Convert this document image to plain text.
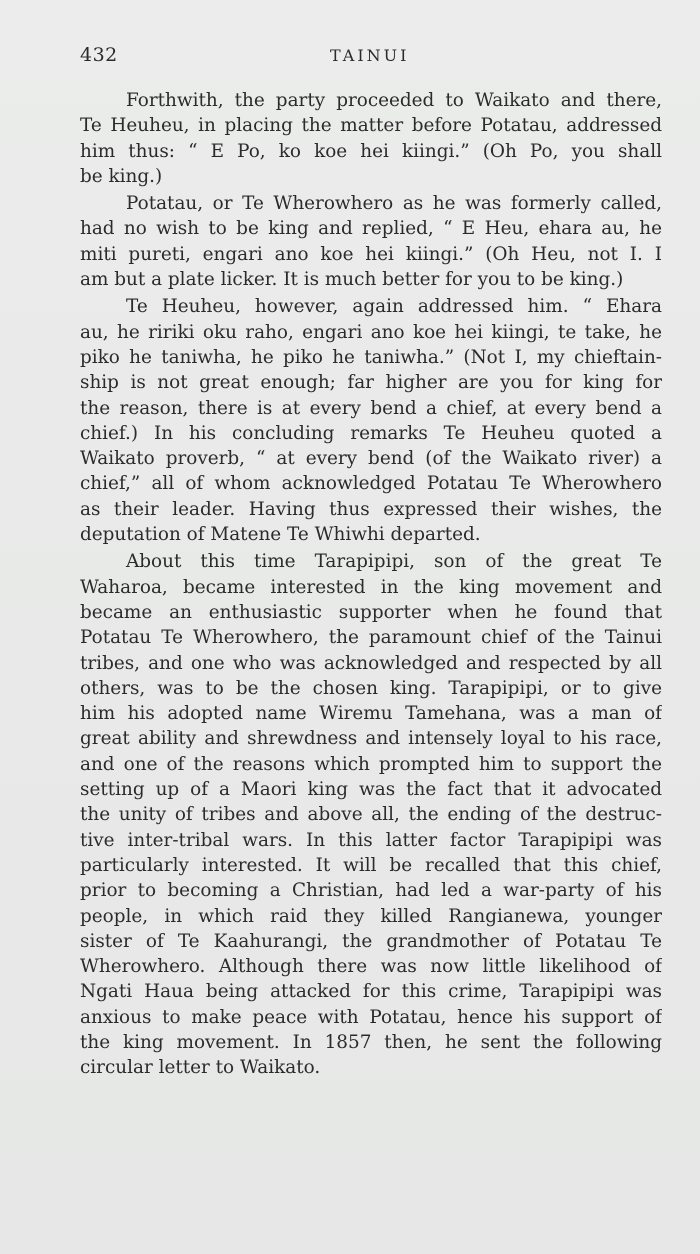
432	TAINUI
Forthwith, the party proceeded to Waikato and there,
Te Heuheu, in placing the matter before Potatau, addressed
him thus: “ E Po, ko koe hei kiingi.” (Oh Po, you shall
be king.)
Potatau, or Te Wherowhero as he was formerly called,
had no wish to be king and replied, “ E Heu, ehara au, he
miti pureti, engari ano koe hei kiingi.” (Oh Heu, not I. I
am but a plate licker. It is much better for you to be king.)
Te Heuheu, however, again addressed him. “ Ehara
au, he ririki oku raho, engari ano koe hei kiingi, te take, he
piko he taniwha, he piko he taniwha.” (Not I, my chieftain-
ship is not great enough; far higher are you for king for
the reason, there is at every bend a chief, at every bend a
chief.) In his concluding remarks Te Heuheu quoted a
Waikato proverb, “ at every bend (of the Waikato river) a
chief,” all of whom acknowledged Potatau Te Wherowhero
as their leader. Having thus expressed their wishes, the
deputation of Matene Te Whiwhi departed.
About this time Tarapipipi, son of the great Te
Waharoa, became interested in the king movement and
became an enthusiastic supporter when he found that
Potatau Te Wherowhero, the paramount chief of the Tainui
tribes, and one who was acknowledged and respected by all
others, was to be the chosen king. Tarapipipi, or to give
him his adopted name Wiremu Tamehana, was a man of
great ability and shrewdness and intensely loyal to his race,
and one of the reasons which prompted him to support the
setting up of a Maori king was the fact that it advocated
the unity of tribes and above all, the ending of the destruc-
tive inter-tribal wars. In this latter factor Tarapipipi was
particularly interested. It will be recalled that this chief,
prior to becoming a Christian, had led a war-party of his
people, in which raid they killed Rangianewa, younger
sister of Te Kaahurangi, the grandmother of Potatau Te
Wherowhero. Although there was now little likelihood of
Ngati Haua being attacked for this crime, Tarapipipi was
anxious to make peace with Potatau, hence his support of
the king movement. In 1857 then, he sent the following
circular letter to Waikato.
